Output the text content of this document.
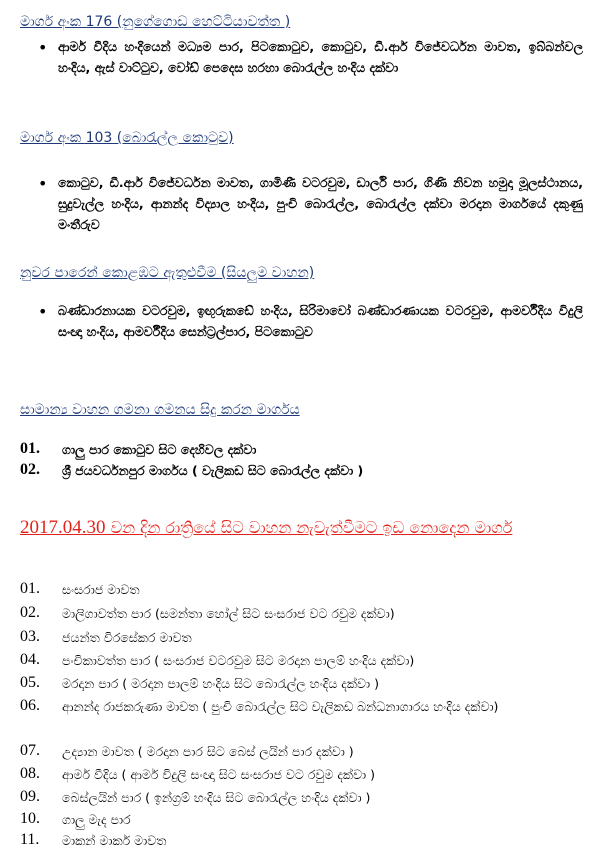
මාර්ග අංක 176 (නුගේගොඩ හෙට්ටියාවත්ත )
• ආමර් වීදිය හංදියෙන් මධ්‍යම පාර, පිටකොටුව, කොටුව, ඩී.ආර් විජේවර්ධන මාවත, ඉබ්බන්වල හංදිය, ඇස් වාට්ටුව, වෝඩ් පෙදෙස හරහා බොරැල්ල හංදිය දක්වා
මාර්ග අංක 103 (බොරැල්ල කොටුව)
• කොටුව, ඩී.ආර් විජේවර්ධන මාවත, ගාමිණී වටරවුම, ඩාර්ලි පාර, ගිණි නිවන හමුදා මූලස්ථානය, සුදුවැල්ල හංදිය, ආනන්ද විද්‍යාල හංදිය, පුංචි බොරැල්ල, බොරැල්ල දක්වා මරදාන මාර්ගයේ දකුණු මංතීරුව
නුවර පාරෙන් කොළඹට ඇතුළුවීම (සියලුම වාහන)
• බණ්ඩාරනායක වටරවුම, ඉඟුරුකඩේ හංදිය, සිරිමාවෝ බණ්ඩාරණායක වටරවුම, ආමර්වීදිය විදුලි සංඥා හංදිය, ආමර්වීදිය සෙන්ට්‍රල්පාර, පිටකොටුව
සාමාන්‍ය වාහන ගමනා ගමනය සිදු කරන මාර්ගය
01. ගාලු පාර කොටුව සිට දෙහිවල දක්වා
02. ශ්‍රී ජයවර්ධනපුර මාර්ගය ( වැලිකඩ සිට බොරැල්ල දක්වා )
2017.04.30 වන දින රාත්‍රියේ සිට වාහන නැවැත්වීමට ඉඩ නොදෙන මාර්ග
01. සංසරාජ මාවත
02. මාලිගාවත්ත පාර (සමන්තා හෝල් සිට සංසරාජ වට රවුම දක්වා)
03. ජයන්ත විරසේකර මාවත
04. පංචිකාවත්ත පාර ( සංසරාජ වටරවුම සිට මරදාන පාලම් හංදිය දක්වා)
05. මරදාන පාර ( මරදාන පාලම් හංදිය සිට බොරැල්ල හංදිය දක්වා )
06. ආනන්ද රාජකරුණා මාවත ( පුංචි බොරැල්ල සිට වැලිකඩ බන්ධනාගාරය හංදිය දක්වා)
07. උද්‍යාන මාවත ( මරදාන පාර සිට බෙස් ලයින් පාර දක්වා )
08. ආමර් වීදිය ( ආමර් විදුලි සංඥා සිට සංසරාජ වට රවුම දක්වා )
09. බෙස්ලයින් පාර ( ඉන්ග්‍රම් හංදිය සිට බොරැල්ල හංදිය දක්වා )
10. ගාලු මැද පාර
11. මාකන් මාකර් මාවත
